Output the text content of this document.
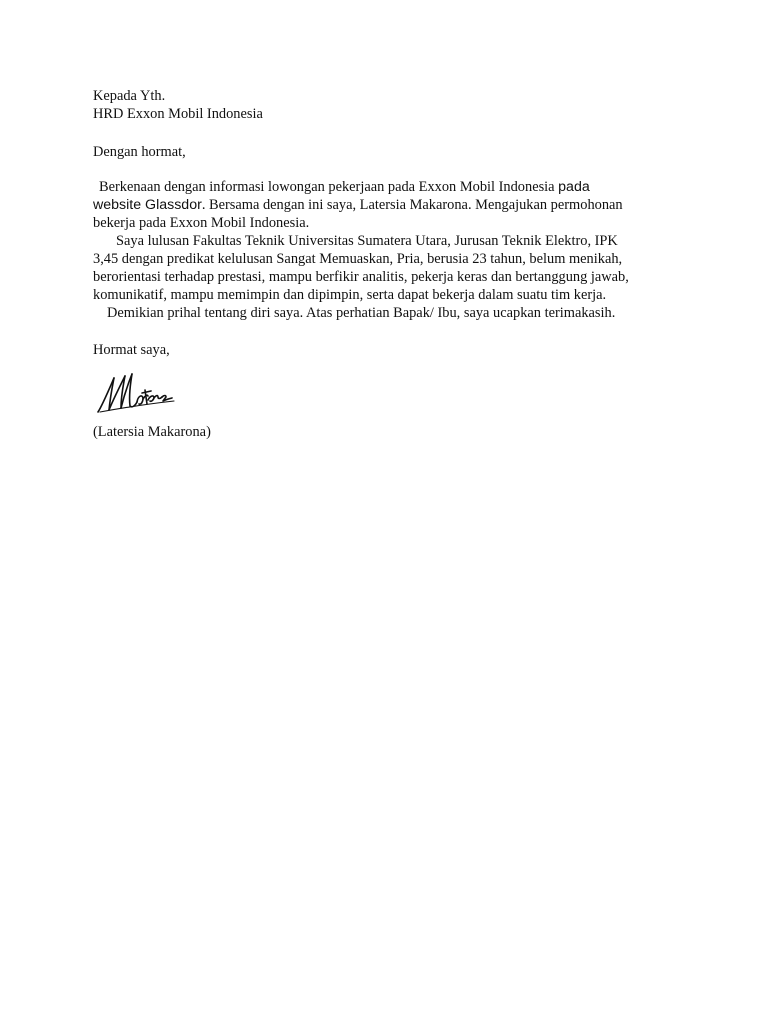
Kepada Yth.
HRD Exxon Mobil Indonesia
Dengan hormat,
Berkenaan dengan informasi lowongan pekerjaan pada Exxon Mobil Indonesia pada
website Glassdor. Bersama dengan ini saya, Latersia Makarona. Mengajukan permohonan
bekerja pada Exxon Mobil Indonesia.
Saya lulusan Fakultas Teknik Universitas Sumatera Utara, Jurusan Teknik Elektro, IPK
3,45 dengan predikat kelulusan Sangat Memuaskan, Pria, berusia 23 tahun, belum menikah,
berorientasi terhadap prestasi, mampu berfikir analitis, pekerja keras dan bertanggung jawab,
komunikatif, mampu memimpin dan dipimpin, serta dapat bekerja dalam suatu tim kerja.
Demikian prihal tentang diri saya. Atas perhatian Bapak/ Ibu, saya ucapkan terimakasih.
Hormat saya,
(Latersia Makarona)
